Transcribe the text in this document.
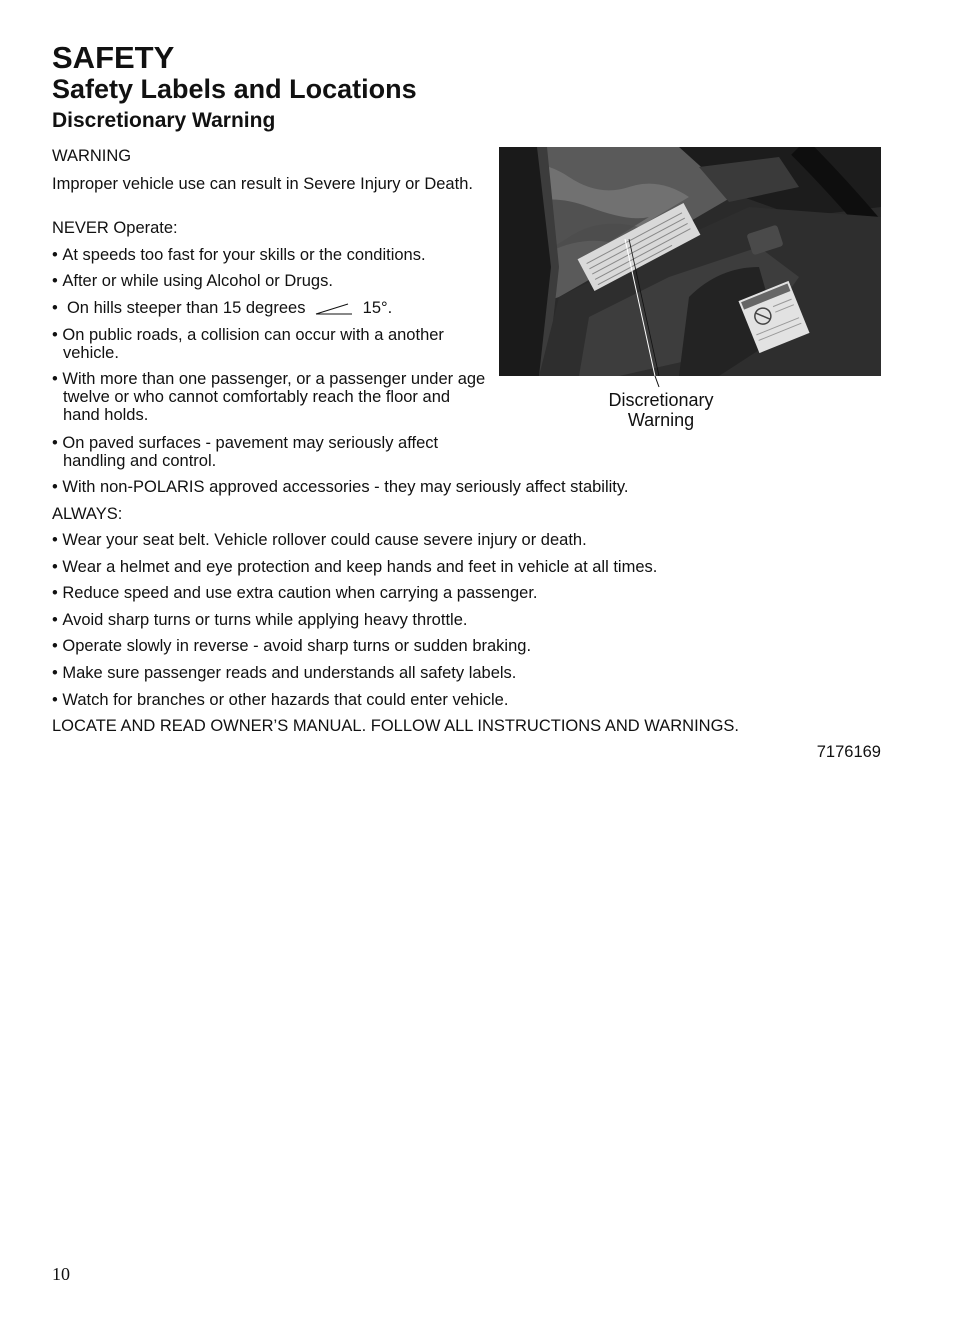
SAFETY
Safety Labels and Locations
Discretionary Warning

WARNING

Improper vehicle use can result in Severe Injury or Death.

NEVER Operate:

• At speeds too fast for your skills or the conditions.

• After or while using Alcohol or Drugs.

• On hills steeper than 15 degrees	15°.

• On public roads, a collision can occur with a another vehicle.

• With more than one passenger, or a passenger under age twelve or who cannot comfortably reach the floor and hand holds.

• On paved surfaces - pavement may seriously affect handling and control.

• With non-POLARIS approved accessories - they may seriously affect stability.

ALWAYS:

• Wear your seat belt. Vehicle rollover could cause severe injury or death.

• Wear a helmet and eye protection and keep hands and feet in vehicle at all times.

• Reduce speed and use extra caution when carrying a passenger.

• Avoid sharp turns or turns while applying heavy throttle.

• Operate slowly in reverse - avoid sharp turns or sudden braking.

• Make sure passenger reads and understands all safety labels.

• Watch for branches or other hazards that could enter vehicle.

LOCATE AND READ OWNER’S MANUAL. FOLLOW ALL INSTRUCTIONS AND WARNINGS.

7176169

Discretionary
Warning

10
